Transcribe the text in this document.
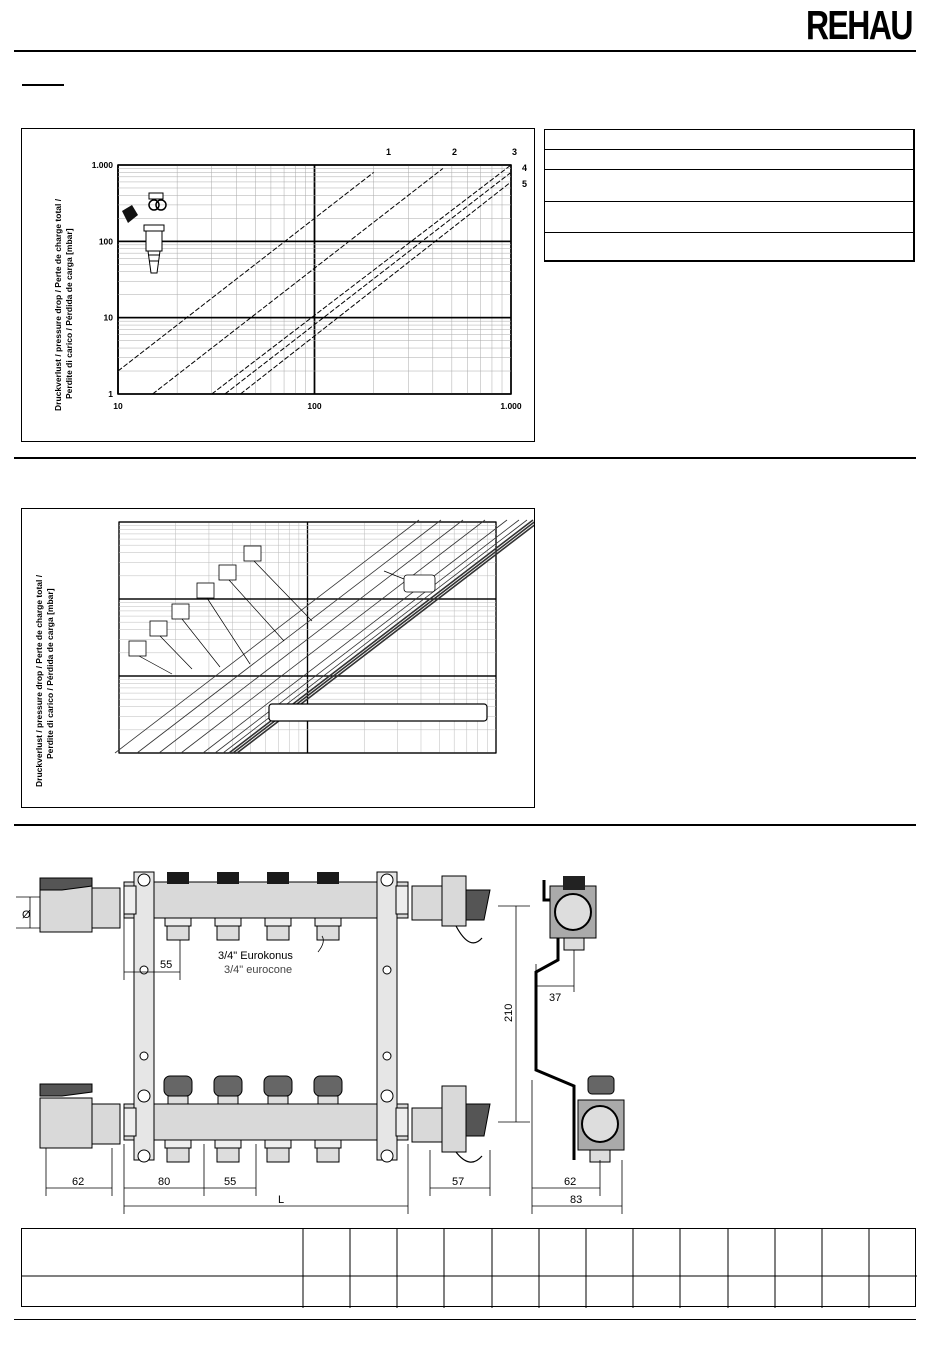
REHAU
10	100	1.000
1
10
100
1.000
1	2	3
4
5
Druckverlust / pressure drop / Perte de charge total / Perdite di carico / Pérdida de carga [mbar]
Druckverlust / pressure drop / Perte de charge total / Perdite di carico / Pérdida de carga [mbar]
Ø
55
3/4" Eurokonus
3/4" eurocone
210
37
62	80	55
L
57	62
83
